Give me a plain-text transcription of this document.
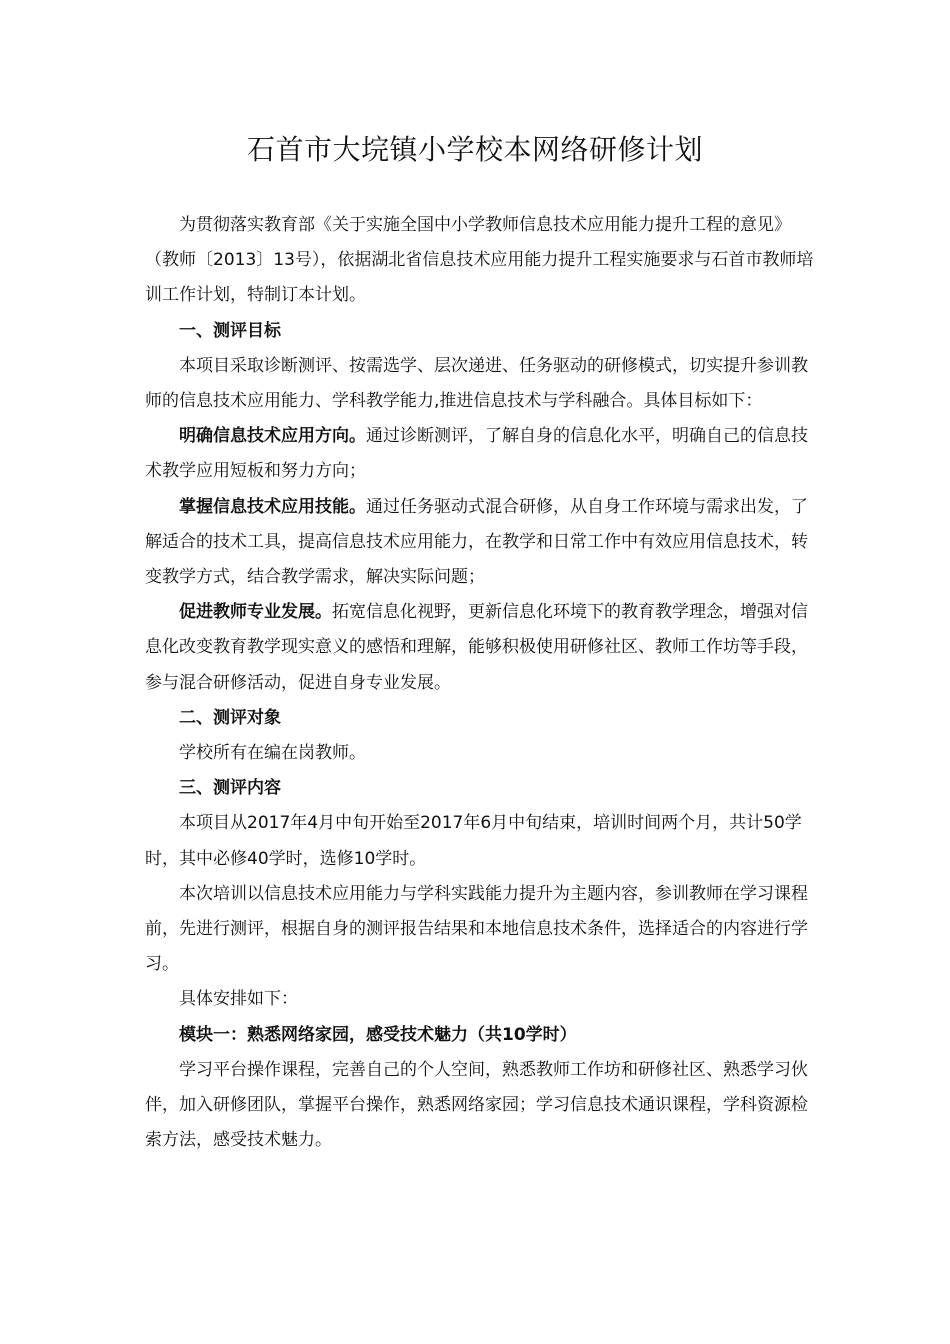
石首市大垸镇小学校本网络研修计划

为贯彻落实教育部《关于实施全国中小学教师信息技术应用能力提升工程的意见》（教师〔2013〕13号），依据湖北省信息技术应用能力提升工程实施要求与石首市教师培训工作计划，特制订本计划。

一、测评目标

本项目采取诊断测评、按需选学、层次递进、任务驱动的研修模式，切实提升参训教师的信息技术应用能力、学科教学能力,推进信息技术与学科融合。具体目标如下：

明确信息技术应用方向。通过诊断测评，了解自身的信息化水平，明确自己的信息技术教学应用短板和努力方向；

掌握信息技术应用技能。通过任务驱动式混合研修，从自身工作环境与需求出发，了解适合的技术工具，提高信息技术应用能力，在教学和日常工作中有效应用信息技术，转变教学方式，结合教学需求，解决实际问题；

促进教师专业发展。拓宽信息化视野，更新信息化环境下的教育教学理念，增强对信息化改变教育教学现实意义的感悟和理解，能够积极使用研修社区、教师工作坊等手段，参与混合研修活动，促进自身专业发展。

二、测评对象

学校所有在编在岗教师。

三、测评内容

本项目从2017年4月中旬开始至2017年6月中旬结束，培训时间两个月，共计50学时，其中必修40学时，选修10学时。

本次培训以信息技术应用能力与学科实践能力提升为主题内容，参训教师在学习课程前，先进行测评，根据自身的测评报告结果和本地信息技术条件，选择适合的内容进行学习。

具体安排如下：

模块一：熟悉网络家园，感受技术魅力（共10学时）

学习平台操作课程，完善自己的个人空间，熟悉教师工作坊和研修社区、熟悉学习伙伴，加入研修团队，掌握平台操作，熟悉网络家园；学习信息技术通识课程，学科资源检索方法，感受技术魅力。
